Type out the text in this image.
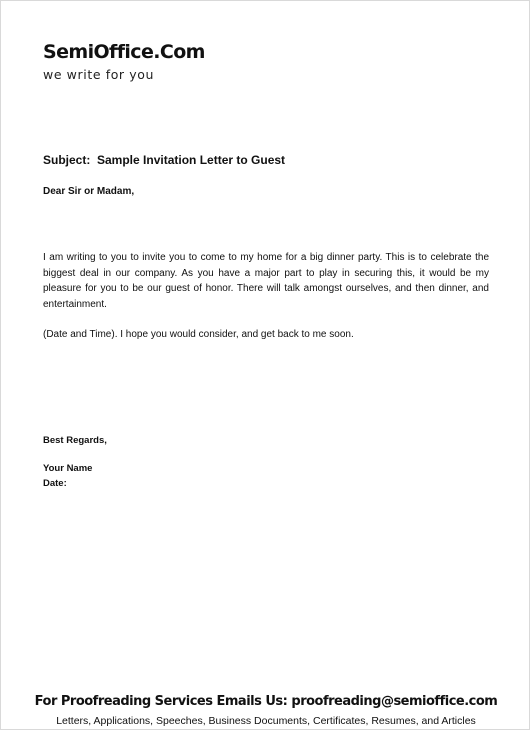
SemiOffice.Com
we write for you
Subject:  Sample Invitation Letter to Guest
Dear Sir or Madam,
I am writing to you to invite you to come to my home for a big dinner party. This is to celebrate the biggest deal in our company. As you have a major part to play in securing this, it would be my pleasure for you to be our guest of honor. There will talk amongst ourselves, and then dinner, and entertainment.
(Date and Time). I hope you would consider, and get back to me soon.
Best Regards,
Your Name
Date:
For Proofreading Services Emails Us: proofreading@semioffice.com
Letters, Applications, Speeches, Business Documents, Certificates, Resumes, and Articles
